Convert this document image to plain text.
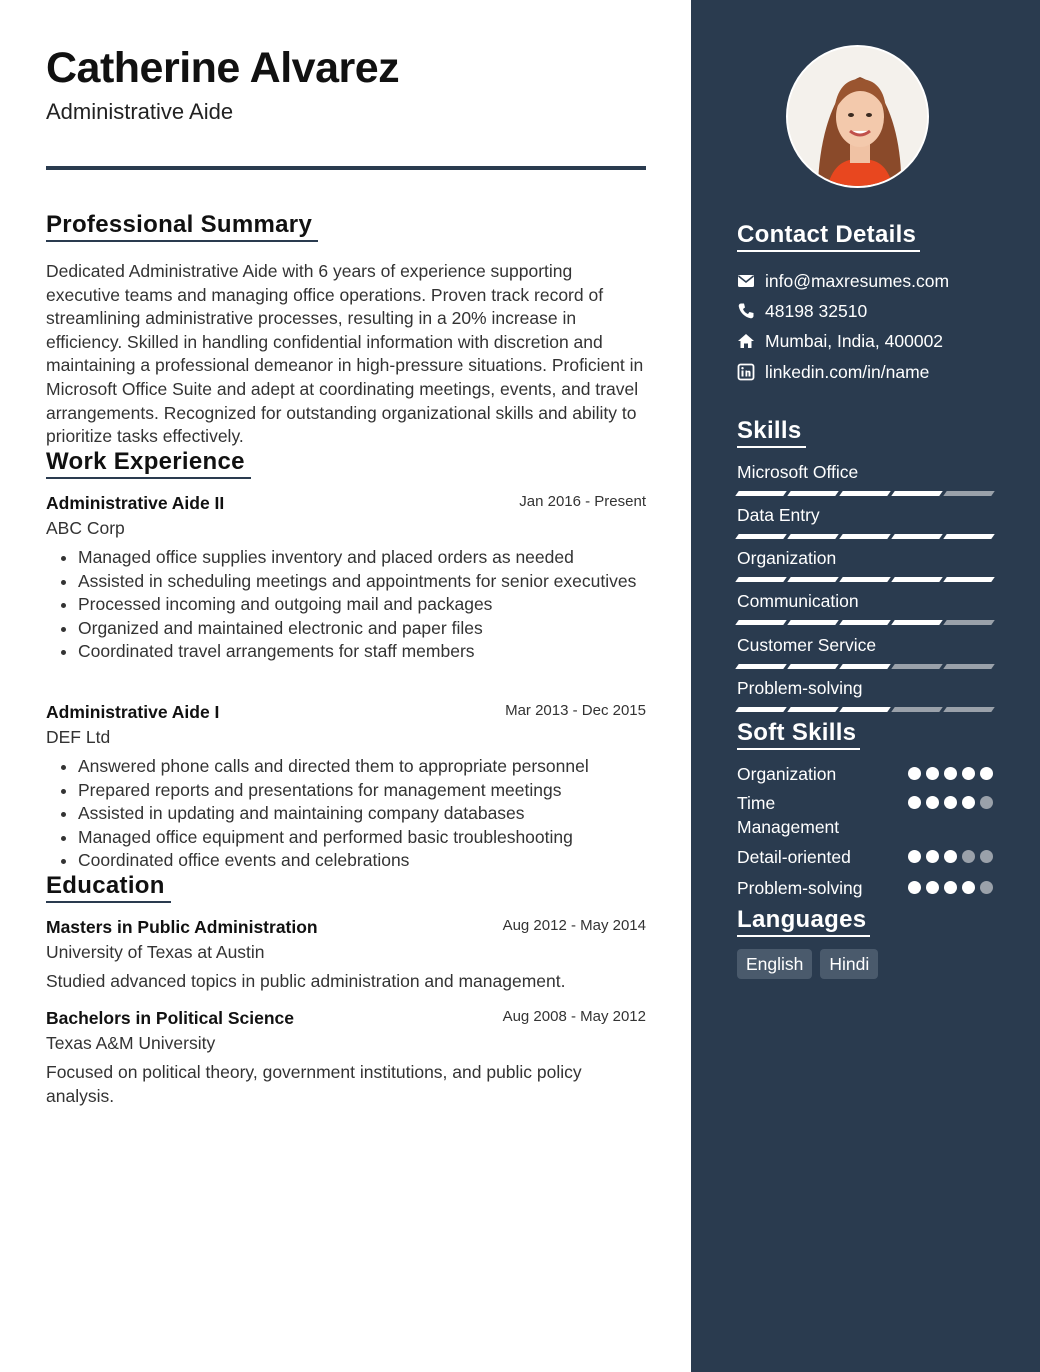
Catherine Alvarez
Administrative Aide
Professional Summary
Dedicated Administrative Aide with 6 years of experience supporting executive teams and managing office operations. Proven track record of streamlining administrative processes, resulting in a 20% increase in efficiency. Skilled in handling confidential information with discretion and maintaining a professional demeanor in high-pressure situations. Proficient in Microsoft Office Suite and adept at coordinating meetings, events, and travel arrangements. Recognized for outstanding organizational skills and ability to prioritize tasks effectively.
Work Experience
Administrative Aide II	Jan 2016 - Present
ABC Corp
• Managed office supplies inventory and placed orders as needed
• Assisted in scheduling meetings and appointments for senior executives
• Processed incoming and outgoing mail and packages
• Organized and maintained electronic and paper files
• Coordinated travel arrangements for staff members
Administrative Aide I	Mar 2013 - Dec 2015
DEF Ltd
• Answered phone calls and directed them to appropriate personnel
• Prepared reports and presentations for management meetings
• Assisted in updating and maintaining company databases
• Managed office equipment and performed basic troubleshooting
• Coordinated office events and celebrations
Education
Masters in Public Administration	Aug 2012 - May 2014
University of Texas at Austin
Studied advanced topics in public administration and management.
Bachelors in Political Science	Aug 2008 - May 2012
Texas A&M University
Focused on political theory, government institutions, and public policy analysis.
Contact Details
info@maxresumes.com
48198 32510
Mumbai, India, 400002
linkedin.com/in/name
Skills
Microsoft Office
Data Entry
Organization
Communication
Customer Service
Problem-solving
Soft Skills
Organization
Time Management
Detail-oriented
Problem-solving
Languages
English	Hindi
